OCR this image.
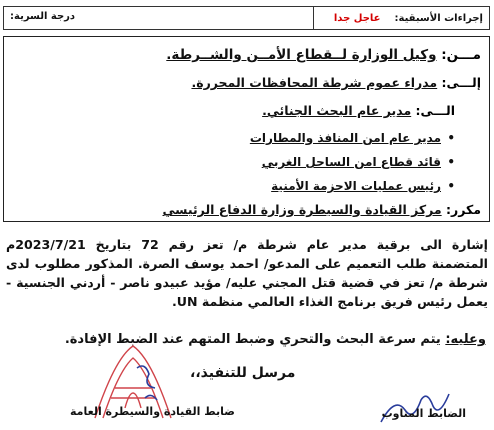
إجراءات الأسبقية:
عاجل جدا
درجة السرية:
مـــن: وكيل الوزارة لــقطاع الأمــن والشــرطة.
إلـــى: مدراء عموم شرطة المحافظات المحررة.
الـــى: مدير عام البحث الجنائي.
• مدير عام امن المنافذ والمطارات
• قائد قطاع امن الساحل الغربي
• رئيس عمليات الاحزمة الأمنية
مكرر: مركز القيادة والسيطرة وزارة الدفاع الرئيسي
إشارة الى برقية مدير عام شرطة م/ تعز رقم 72 بتاريخ 2023/7/21م المتضمنة طلب التعميم على المدعو/ احمد يوسف الصرة. المذكور مطلوب لدى شرطة م/ تعز في قضية قتل المجني عليه/ مؤيد عبيدو ناصر - أردني الجنسية - يعمل رئيس فريق برنامج الغذاء العالمي منظمة UN.
وعليه: يتم سرعة البحث والتحري وضبط المتهم عند الضبط الإفادة.
مرسل للتنفيذ،،
ضابط القيادة والسيطرة العامة	الضابط المناوب
